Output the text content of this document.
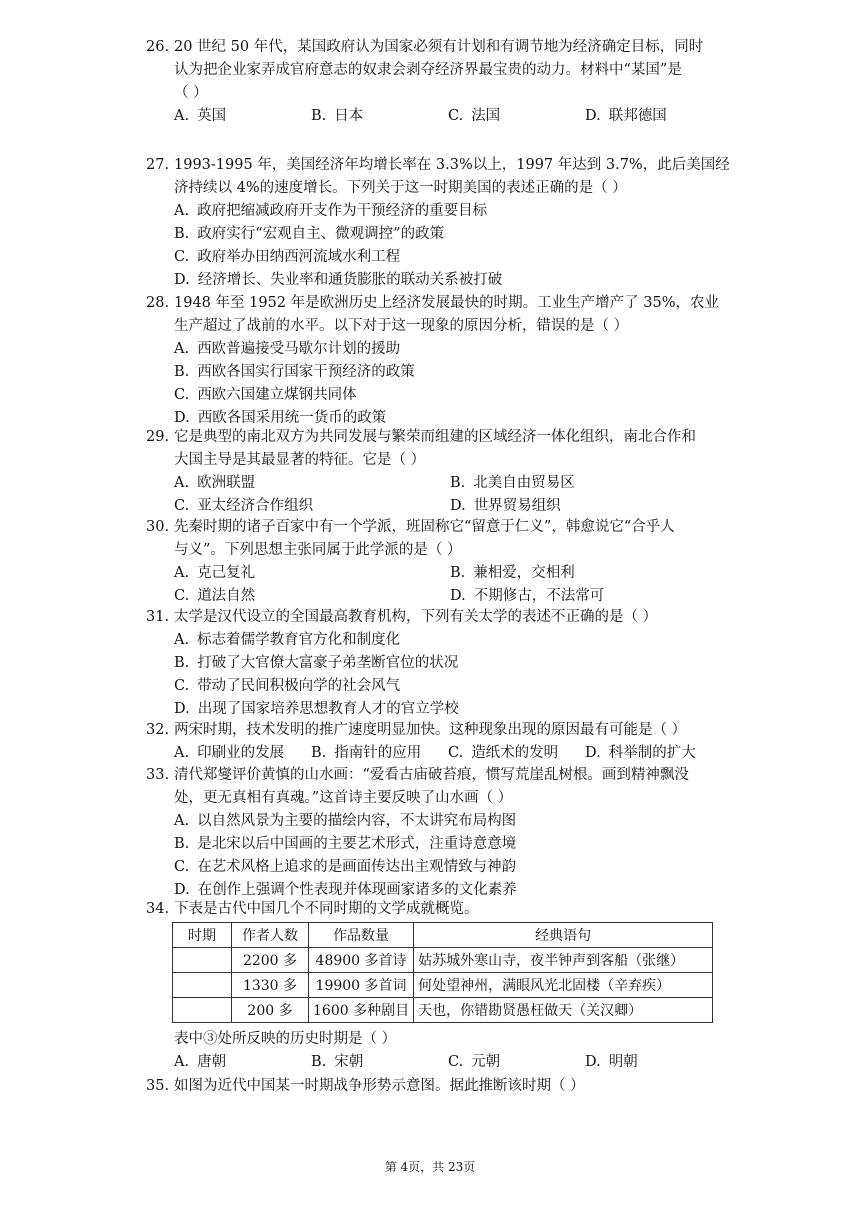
26. 20 世纪 50 年代，某国政府认为国家必须有计划和有调节地为经济确定目标，同时
认为把企业家弄成官府意志的奴隶会剥夺经济界最宝贵的动力。材料中“某国”是
（ ）
A. 英国	B. 日本	C. 法国	D. 联邦德国
27. 1993-1995 年，美国经济年均增长率在 3.3%以上，1997 年达到 3.7%，此后美国经
济持续以 4%的速度增长。下列关于这一时期美国的表述正确的是（ ）
A. 政府把缩减政府开支作为干预经济的重要目标
B. 政府实行“宏观自主、微观调控”的政策
C. 政府举办田纳西河流域水利工程
D. 经济增长、失业率和通货膨胀的联动关系被打破
28. 1948 年至 1952 年是欧洲历史上经济发展最快的时期。工业生产增产了 35%，农业
生产超过了战前的水平。以下对于这一现象的原因分析，错误的是（ ）
A. 西欧普遍接受马歇尔计划的援助
B. 西欧各国实行国家干预经济的政策
C. 西欧六国建立煤钢共同体
D. 西欧各国采用统一货币的政策
29. 它是典型的南北双方为共同发展与繁荣而组建的区域经济一体化组织，南北合作和
大国主导是其最显著的特征。它是（ ）
A. 欧洲联盟	B. 北美自由贸易区
C. 亚太经济合作组织	D. 世界贸易组织
30. 先秦时期的诸子百家中有一个学派，班固称它“留意于仁义”，韩愈说它“合乎人
与义”。下列思想主张同属于此学派的是（ ）
A. 克己复礼	B. 兼相爱，交相利
C. 道法自然	D. 不期修古，不法常可
31. 太学是汉代设立的全国最高教育机构，下列有关太学的表述不正确的是（ ）
A. 标志着儒学教育官方化和制度化
B. 打破了大官僚大富豪子弟垄断官位的状况
C. 带动了民间积极向学的社会风气
D. 出现了国家培养思想教育人才的官立学校
32. 两宋时期，技术发明的推广速度明显加快。这种现象出现的原因最有可能是（ ）
A. 印刷业的发展	B. 指南针的应用	C. 造纸术的发明	D. 科举制的扩大
33. 清代郑燮评价黄慎的山水画：“爱看古庙破苔痕，惯写荒崖乱树根。画到精神飘没
处，更无真相有真魂。”这首诗主要反映了山水画（ ）
A. 以自然风景为主要的描绘内容，不太讲究布局构图
B. 是北宋以后中国画的主要艺术形式，注重诗意意境
C. 在艺术风格上追求的是画面传达出主观情致与神韵
D. 在创作上强调个性表现并体现画家诸多的文化素养
34. 下表是古代中国几个不同时期的文学成就概览。
时期	作者人数	作品数量	经典语句
	2200 多	48900 多首诗	姑苏城外寒山寺，夜半钟声到客船（张继）
	1330 多	19900 多首词	何处望神州，满眼风光北固楼（辛弃疾）
	200 多	1600 多种剧目	天也，你错勘贤愚枉做天（关汉卿）
表中③处所反映的历史时期是（ ）
A. 唐朝	B. 宋朝	C. 元朝	D. 明朝
35. 如图为近代中国某一时期战争形势示意图。据此推断该时期（ ）
第 4页，共 23页
